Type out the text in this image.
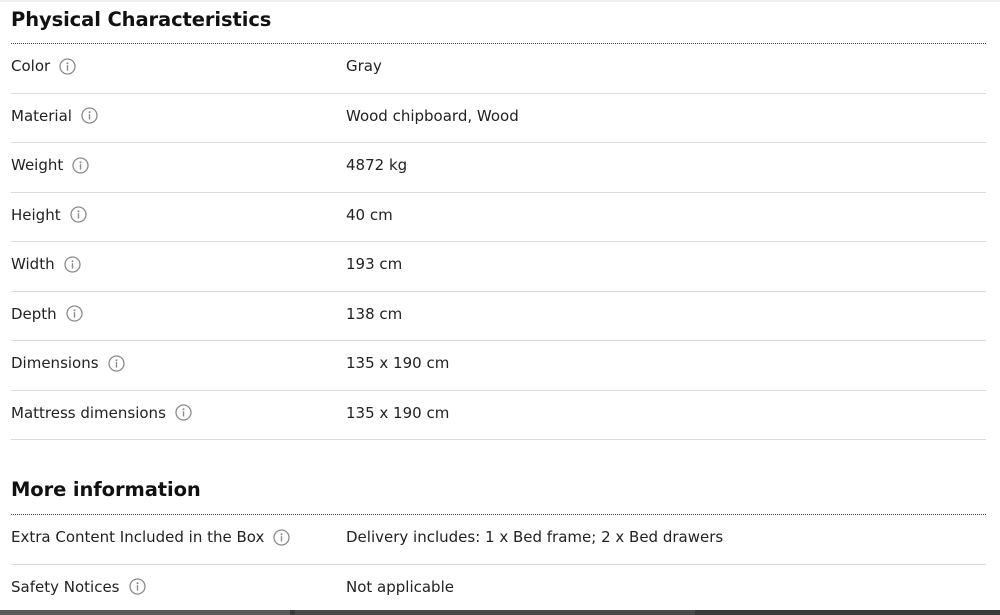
Physical Characteristics
Color	Gray
Material	Wood chipboard, Wood
Weight	4872 kg
Height	40 cm
Width	193 cm
Depth	138 cm
Dimensions	135 x 190 cm
Mattress dimensions	135 x 190 cm
More information
Extra Content Included in the Box	Delivery includes: 1 x Bed frame; 2 x Bed drawers
Safety Notices	Not applicable
